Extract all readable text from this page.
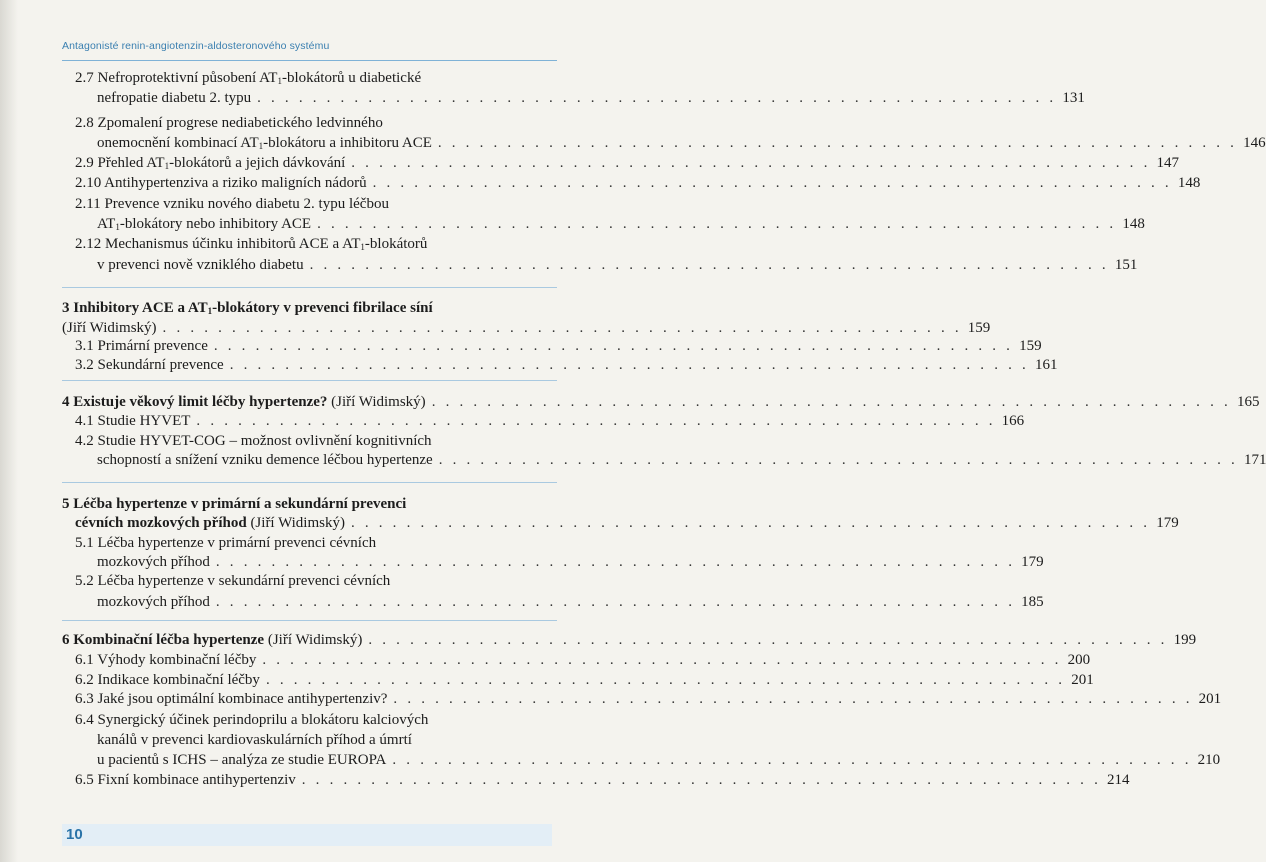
Antagonisté renin-angiotenzin-aldosteronového systému
2.7 Nefroprotektivní působení $AT_1$-blokátorů u diabetické
nefropatie diabetu 2. typu . . . . . . . . . . . . . . . . . . . . . . . . . . . . . . . . . . . . . . . . . . . . . . . . . . . . . . . . . . 131
2.8 Zpomalení progrese nediabetického ledvinného
onemocnění kombinací $AT_1$-blokátoru a inhibitoru ACE . . . . . . . . . . . . . . . . . . . . . . . . . . . . . . . . . . . . . . . . . . . . . . . . . . . . . . . . . . 146
2.9 Přehled $AT_1$-blokátorů a jejich dávkování . . . . . . . . . . . . . . . . . . . . . . . . . . . . . . . . . . . . . . . . . . . . . . . . . . . . . . . . . . 147
2.10 Antihypertenziva a riziko maligních nádorů . . . . . . . . . . . . . . . . . . . . . . . . . . . . . . . . . . . . . . . . . . . . . . . . . . . . . . . . . . 148
2.11 Prevence vzniku nového diabetu 2. typu léčbou
$AT_1$-blokátory nebo inhibitory ACE . . . . . . . . . . . . . . . . . . . . . . . . . . . . . . . . . . . . . . . . . . . . . . . . . . . . . . . . . . 148
2.12 Mechanismus účinku inhibitorů ACE a $AT_1$-blokátorů
v prevenci nově vzniklého diabetu . . . . . . . . . . . . . . . . . . . . . . . . . . . . . . . . . . . . . . . . . . . . . . . . . . . . . . . . . . 151
3 Inhibitory ACE a $AT_1$-blokátory v prevenci fibrilace síní
(Jiří Widimský) . . . . . . . . . . . . . . . . . . . . . . . . . . . . . . . . . . . . . . . . . . . . . . . . . . . . . . . . . . 159
3.1 Primární prevence . . . . . . . . . . . . . . . . . . . . . . . . . . . . . . . . . . . . . . . . . . . . . . . . . . . . . . . . . . 159
3.2 Sekundární prevence . . . . . . . . . . . . . . . . . . . . . . . . . . . . . . . . . . . . . . . . . . . . . . . . . . . . . . . . . . 161
4 Existuje věkový limit léčby hypertenze? (Jiří Widimský) . . . . . . . . . . . . . . . . . . . . . . . . . . . . . . . . . . . . . . . . . . . . . . . . . . . . . . . . . . 165
4.1 Studie HYVET . . . . . . . . . . . . . . . . . . . . . . . . . . . . . . . . . . . . . . . . . . . . . . . . . . . . . . . . . . 166
4.2 Studie HYVET-COG – možnost ovlivnění kognitivních
schopností a snížení vzniku demence léčbou hypertenze . . . . . . . . . . . . . . . . . . . . . . . . . . . . . . . . . . . . . . . . . . . . . . . . . . . . . . . . . . 171
5 Léčba hypertenze v primární a sekundární prevenci
cévních mozkových příhod (Jiří Widimský) . . . . . . . . . . . . . . . . . . . . . . . . . . . . . . . . . . . . . . . . . . . . . . . . . . . . . . . . . . 179
5.1 Léčba hypertenze v primární prevenci cévních
mozkových příhod . . . . . . . . . . . . . . . . . . . . . . . . . . . . . . . . . . . . . . . . . . . . . . . . . . . . . . . . . . 179
5.2 Léčba hypertenze v sekundární prevenci cévních
mozkových příhod . . . . . . . . . . . . . . . . . . . . . . . . . . . . . . . . . . . . . . . . . . . . . . . . . . . . . . . . . . 185
6 Kombinační léčba hypertenze (Jiří Widimský) . . . . . . . . . . . . . . . . . . . . . . . . . . . . . . . . . . . . . . . . . . . . . . . . . . . . . . . . . . 199
6.1 Výhody kombinační léčby . . . . . . . . . . . . . . . . . . . . . . . . . . . . . . . . . . . . . . . . . . . . . . . . . . . . . . . . . . 200
6.2 Indikace kombinační léčby . . . . . . . . . . . . . . . . . . . . . . . . . . . . . . . . . . . . . . . . . . . . . . . . . . . . . . . . . . 201
6.3 Jaké jsou optimální kombinace antihypertenziv? . . . . . . . . . . . . . . . . . . . . . . . . . . . . . . . . . . . . . . . . . . . . . . . . . . . . . . . . . . 201
6.4 Synergický účinek perindoprilu a blokátoru kalciových
kanálů v prevenci kardiovaskulárních příhod a úmrtí
u pacientů s ICHS – analýza ze studie EUROPA . . . . . . . . . . . . . . . . . . . . . . . . . . . . . . . . . . . . . . . . . . . . . . . . . . . . . . . . . . 210
6.5 Fixní kombinace antihypertenziv . . . . . . . . . . . . . . . . . . . . . . . . . . . . . . . . . . . . . . . . . . . . . . . . . . . . . . . . . . 214
10
